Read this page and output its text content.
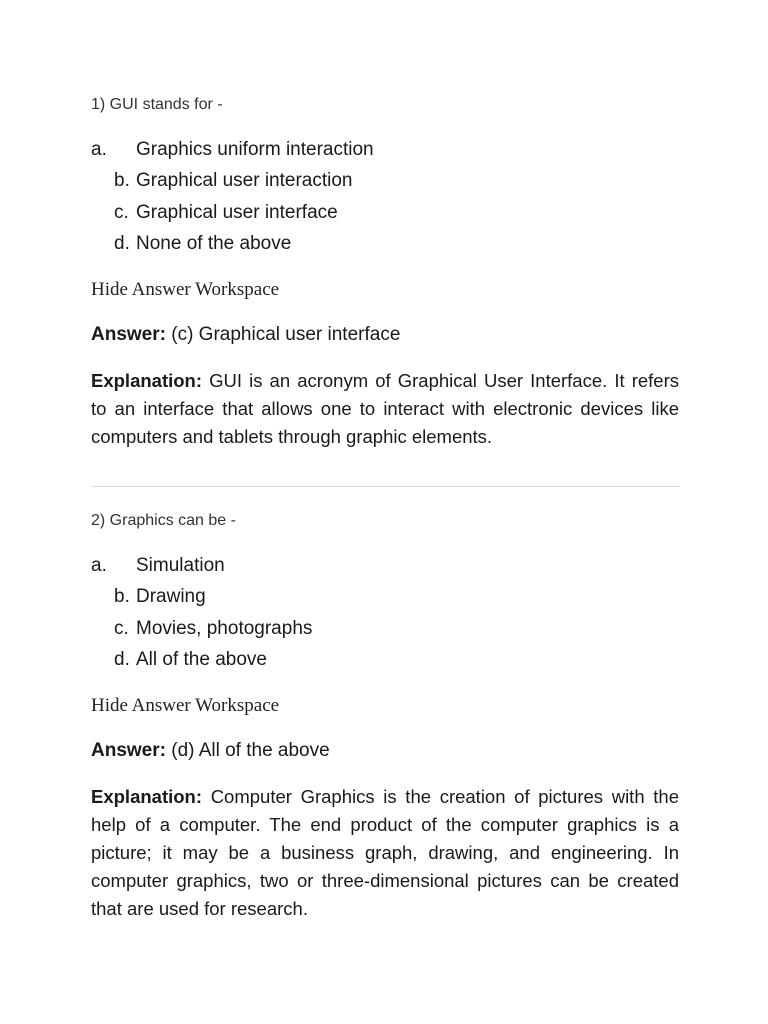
1) GUI stands for -
a. Graphics uniform interaction
b. Graphical user interaction
c. Graphical user interface
d. None of the above
Hide Answer Workspace
Answer: (c) Graphical user interface
Explanation: GUI is an acronym of Graphical User Interface. It refers to an interface that allows one to interact with electronic devices like computers and tablets through graphic elements.
2) Graphics can be -
a. Simulation
b. Drawing
c. Movies, photographs
d. All of the above
Hide Answer Workspace
Answer: (d) All of the above
Explanation: Computer Graphics is the creation of pictures with the help of a computer. The end product of the computer graphics is a picture; it may be a business graph, drawing, and engineering. In computer graphics, two or three-dimensional pictures can be created that are used for research.
